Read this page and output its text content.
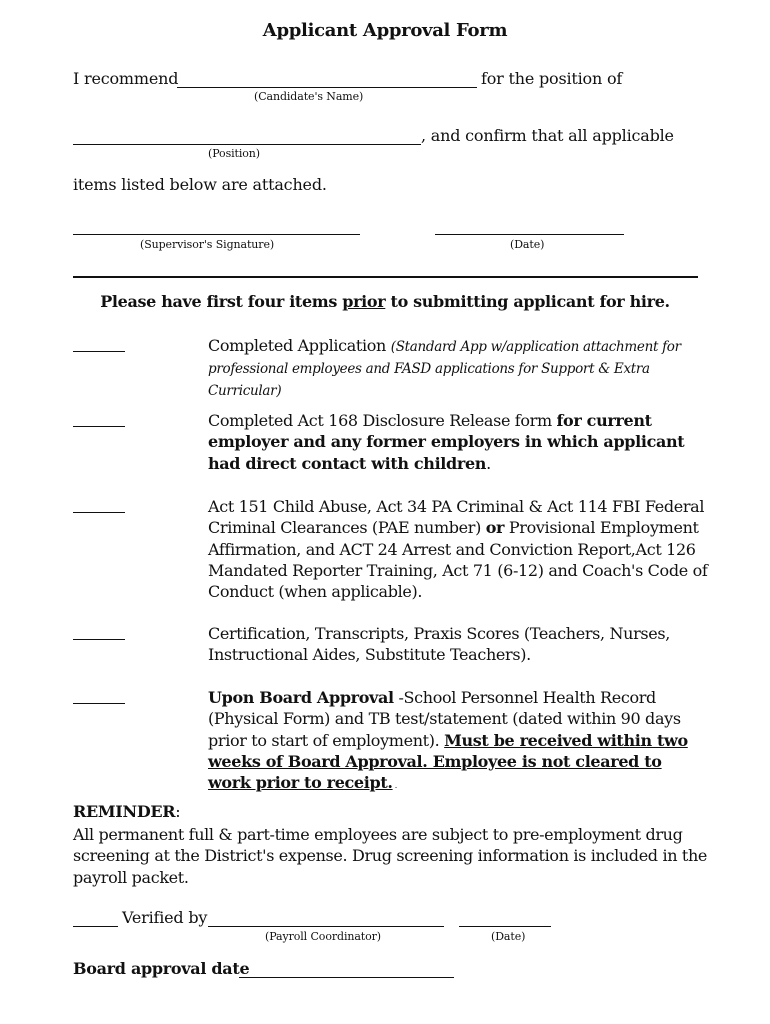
Applicant Approval Form
I recommend	for the position of
(Candidate's Name)
, and confirm that all applicable
(Position)
items listed below are attached.
(Supervisor's Signature)	(Date)
Please have first four items prior to submitting applicant for hire.
Completed Application (Standard App w/application attachment for professional employees and FASD applications for Support & Extra Curricular)
Completed Act 168 Disclosure Release form for current employer and any former employers in which applicant had direct contact with children.
Act 151 Child Abuse, Act 34 PA Criminal & Act 114 FBI Federal Criminal Clearances (PAE number) or Provisional Employment Affirmation, and ACT 24 Arrest and Conviction Report,Act 126 Mandated Reporter Training, Act 71 (6-12) and Coach's Code of Conduct (when applicable).
Certification, Transcripts, Praxis Scores (Teachers, Nurses, Instructional Aides, Substitute Teachers).
Upon Board Approval -School Personnel Health Record (Physical Form) and TB test/statement (dated within 90 days prior to start of employment). Must be received within two weeks of Board Approval. Employee is not cleared to work prior to receipt. .
REMINDER:
All permanent full & part-time employees are subject to pre-employment drug screening at the District's expense. Drug screening information is included in the payroll packet.
Verified by
(Payroll Coordinator)	(Date)
Board approval date
